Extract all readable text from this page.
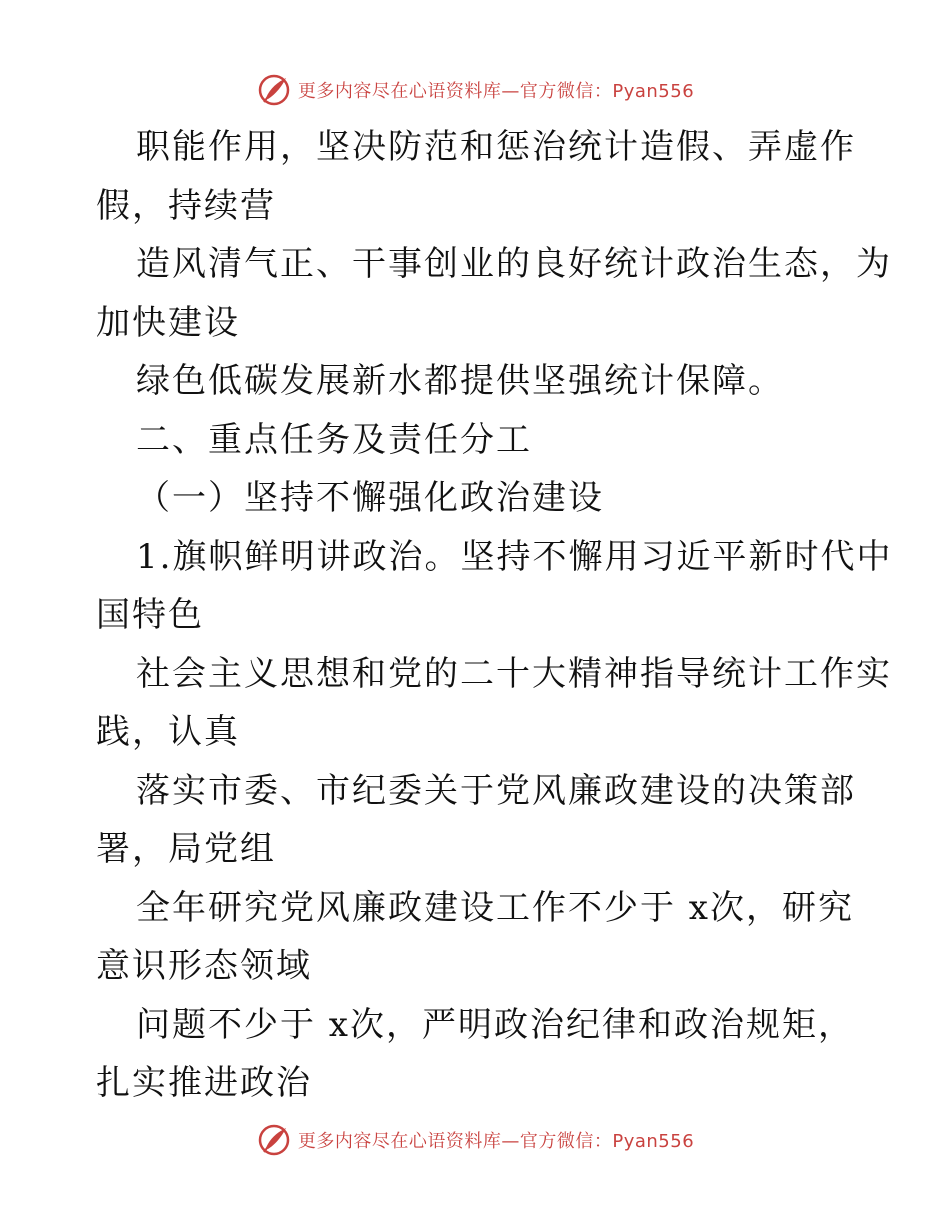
更多内容尽在心语资料库—官方微信：Pyan556
职能作用，坚决防范和惩治统计造假、弄虚作
假，持续营
造风清气正、干事创业的良好统计政治生态，为
加快建设
绿色低碳发展新水都提供坚强统计保障。
二、重点任务及责任分工
（一）坚持不懈强化政治建设
1.旗帜鲜明讲政治。坚持不懈用习近平新时代中
国特色
社会主义思想和党的二十大精神指导统计工作实
践，认真
落实市委、市纪委关于党风廉政建设的决策部
署，局党组
全年研究党风廉政建设工作不少于 x次，研究
意识形态领域
问题不少于 x次，严明政治纪律和政治规矩，
扎实推进政治
更多内容尽在心语资料库—官方微信：Pyan556
